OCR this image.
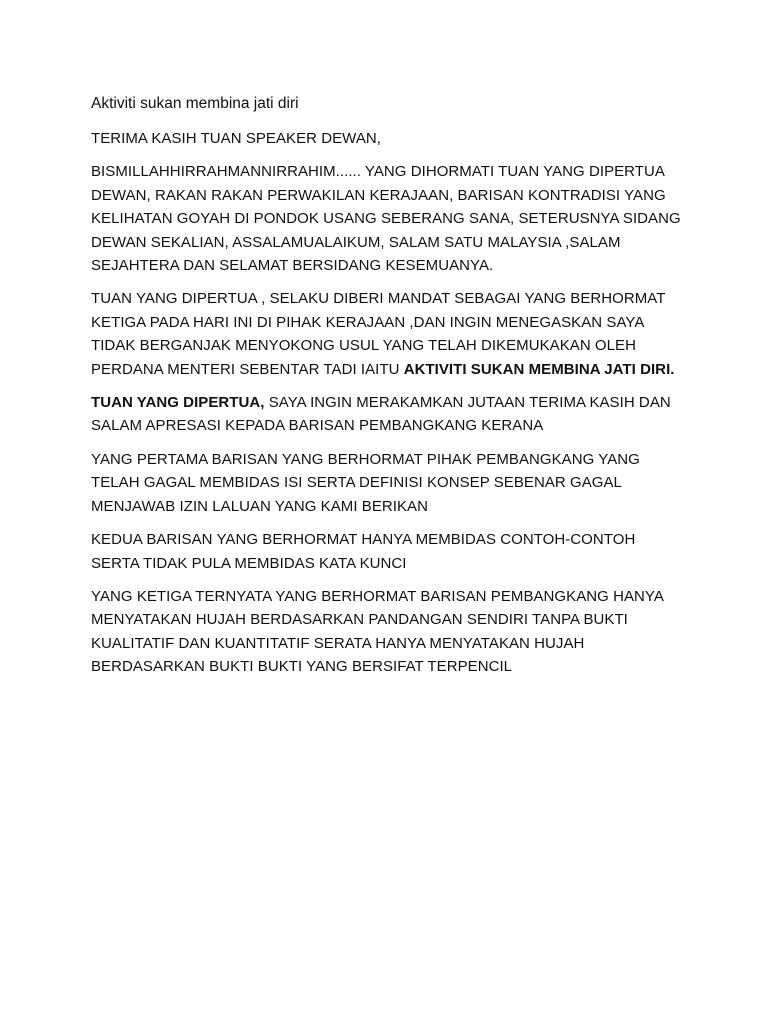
Aktiviti sukan membina jati diri

TERIMA KASIH TUAN SPEAKER DEWAN,

BISMILLAHHIRRAHMANNIRRAHIM...... YANG DIHORMATI TUAN YANG DIPERTUA
DEWAN, RAKAN RAKAN PERWAKILAN KERAJAAN, BARISAN KONTRADISI YANG
KELIHATAN GOYAH DI PONDOK USANG SEBERANG SANA, SETERUSNYA SIDANG
DEWAN SEKALIAN, ASSALAMUALAIKUM, SALAM SATU MALAYSIA ,SALAM
SEJAHTERA DAN SELAMAT BERSIDANG KESEMUANYA.

TUAN YANG DIPERTUA , SELAKU DIBERI MANDAT SEBAGAI YANG BERHORMAT
KETIGA PADA HARI INI DI PIHAK KERAJAAN ,DAN INGIN MENEGASKAN SAYA
TIDAK BERGANJAK MENYOKONG USUL YANG TELAH DIKEMUKAKAN OLEH
PERDANA MENTERI SEBENTAR TADI IAITU AKTIVITI SUKAN MEMBINA JATI DIRI.

TUAN YANG DIPERTUA, SAYA INGIN MERAKAMKAN JUTAAN TERIMA KASIH DAN
SALAM APRESASI KEPADA BARISAN PEMBANGKANG KERANA

YANG PERTAMA BARISAN YANG BERHORMAT PIHAK PEMBANGKANG YANG
TELAH GAGAL MEMBIDAS ISI SERTA DEFINISI KONSEP SEBENAR GAGAL
MENJAWAB IZIN LALUAN YANG KAMI BERIKAN

KEDUA BARISAN YANG BERHORMAT HANYA MEMBIDAS CONTOH-CONTOH
SERTA TIDAK PULA MEMBIDAS KATA KUNCI

YANG KETIGA TERNYATA YANG BERHORMAT BARISAN PEMBANGKANG HANYA
MENYATAKAN HUJAH BERDASARKAN PANDANGAN SENDIRI TANPA BUKTI
KUALITATIF DAN KUANTITATIF SERATA HANYA MENYATAKAN HUJAH
BERDASARKAN BUKTI BUKTI YANG BERSIFAT TERPENCIL
